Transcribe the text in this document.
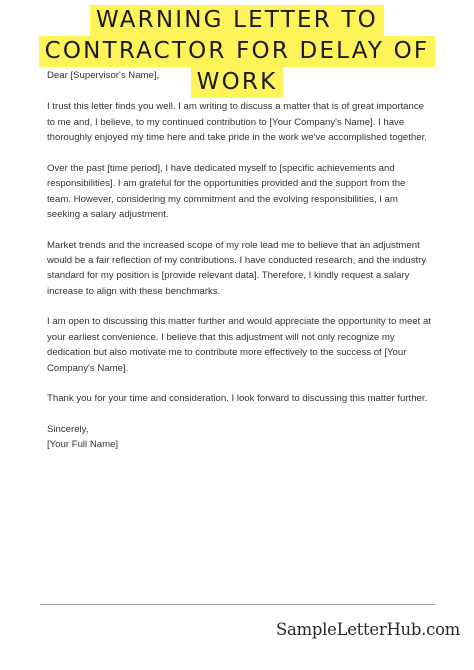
WARNING LETTER TO
CONTRACTOR FOR DELAY OF
WORK

Dear [Supervisor's Name],

I trust this letter finds you well. I am writing to discuss a matter that is of great importance to me and, I believe, to my continued contribution to [Your Company's Name]. I have thoroughly enjoyed my time here and take pride in the work we've accomplished together.

Over the past [time period], I have dedicated myself to [specific achievements and responsibilities]. I am grateful for the opportunities provided and the support from the team. However, considering my commitment and the evolving responsibilities, I am seeking a salary adjustment.

Market trends and the increased scope of my role lead me to believe that an adjustment would be a fair reflection of my contributions. I have conducted research, and the industry standard for my position is [provide relevant data]. Therefore, I kindly request a salary increase to align with these benchmarks.

I am open to discussing this matter further and would appreciate the opportunity to meet at your earliest convenience. I believe that this adjustment will not only recognize my dedication but also motivate me to contribute more effectively to the success of [Your Company's Name].

Thank you for your time and consideration. I look forward to discussing this matter further.

Sincerely,
[Your Full Name]

SampleLetterHub.com
